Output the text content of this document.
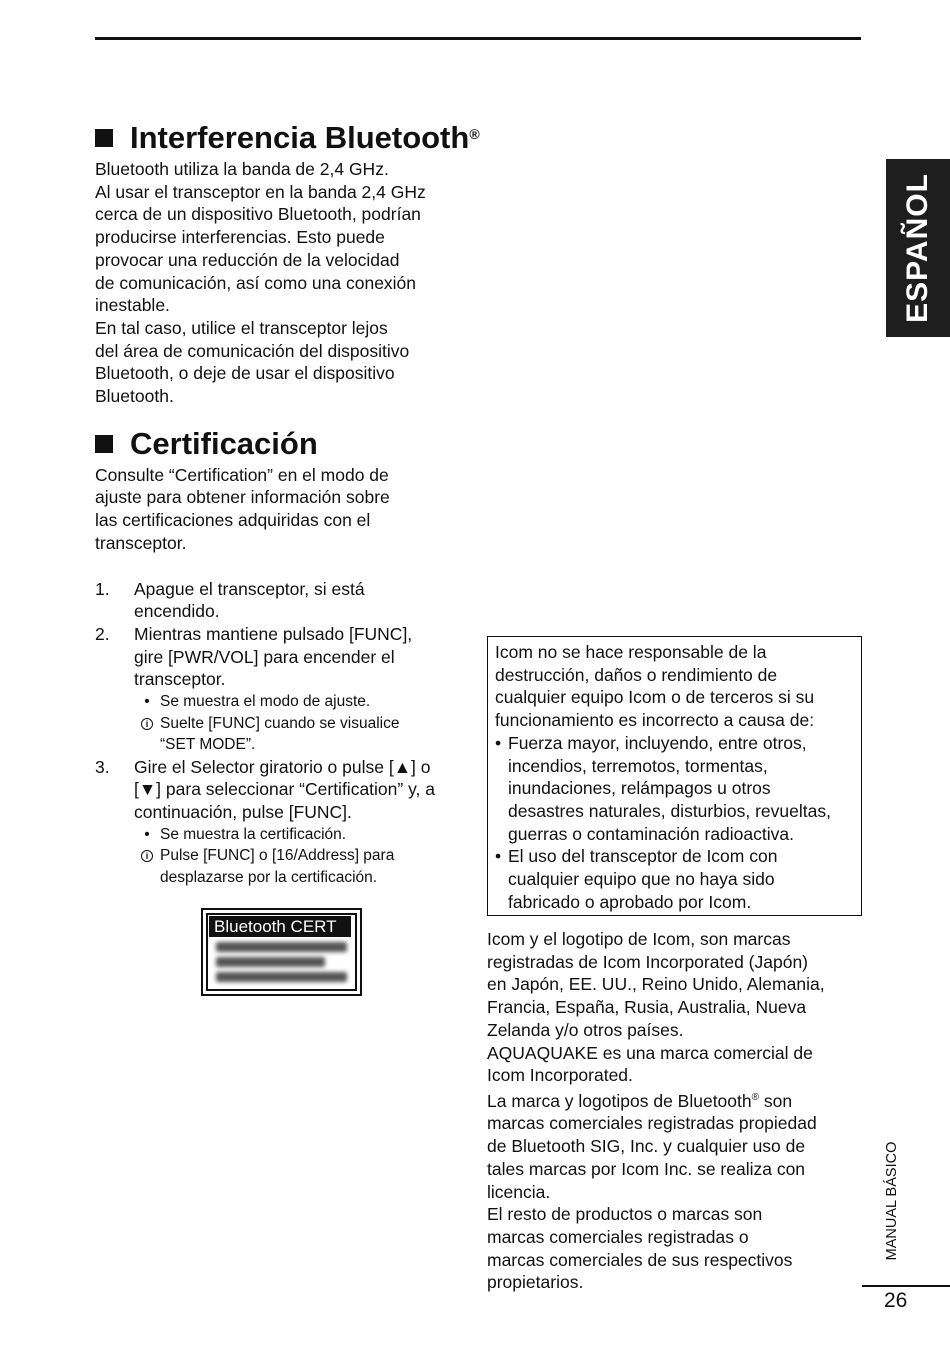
ESPAÑOL
Interferencia Bluetooth®
Bluetooth utiliza la banda de 2,4 GHz.
Al usar el transceptor en la banda 2,4 GHz
cerca de un dispositivo Bluetooth, podrían
producirse interferencias. Esto puede
provocar una reducción de la velocidad
de comunicación, así como una conexión
inestable.
En tal caso, utilice el transceptor lejos
del área de comunicación del dispositivo
Bluetooth, o deje de usar el dispositivo
Bluetooth.
Certificación
Consulte “Certification” en el modo de
ajuste para obtener información sobre
las certificaciones adquiridas con el
transceptor.
1.	Apague el transceptor, si está
encendido.
2.	Mientras mantiene pulsado [FUNC],
gire [PWR/VOL] para encender el
transceptor.
• Se muestra el modo de ajuste.
i Suelte [FUNC] cuando se visualice
“SET MODE”.
3.	Gire el Selector giratorio o pulse [▲] o
[▼] para seleccionar “Certification” y, a
continuación, pulse [FUNC].
• Se muestra la certificación.
i Pulse [FUNC] o [16/Address] para
desplazarse por la certificación.
Bluetooth CERT
Icom no se hace responsable de la
destrucción, daños o rendimiento de
cualquier equipo Icom o de terceros si su
funcionamiento es incorrecto a causa de:
• Fuerza mayor, incluyendo, entre otros,
incendios, terremotos, tormentas,
inundaciones, relámpagos u otros
desastres naturales, disturbios, revueltas,
guerras o contaminación radioactiva.
• El uso del transceptor de Icom con
cualquier equipo que no haya sido
fabricado o aprobado por Icom.
Icom y el logotipo de Icom, son marcas
registradas de Icom Incorporated (Japón)
en Japón, EE. UU., Reino Unido, Alemania,
Francia, España, Rusia, Australia, Nueva
Zelanda y/o otros países.
AQUAQUAKE es una marca comercial de
Icom Incorporated.
La marca y logotipos de Bluetooth® son
marcas comerciales registradas propiedad
de Bluetooth SIG, Inc. y cualquier uso de
tales marcas por Icom Inc. se realiza con
licencia.
El resto de productos o marcas son
marcas comerciales registradas o
marcas comerciales de sus respectivos
propietarios.
MANUAL BÁSICO
26
